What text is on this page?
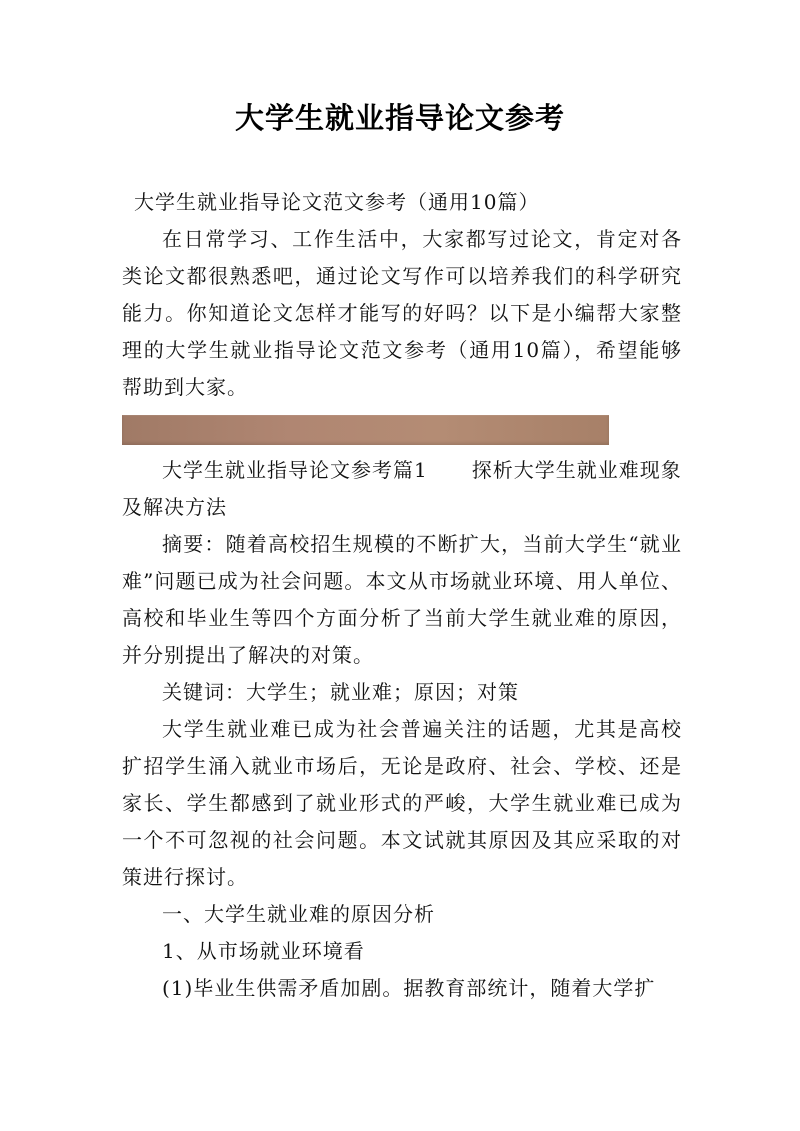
大学生就业指导论文参考

大学生就业指导论文范文参考（通用10篇）

在日常学习、工作生活中，大家都写过论文，肯定对各类论文都很熟悉吧，通过论文写作可以培养我们的科学研究能力。你知道论文怎样才能写的好吗？以下是小编帮大家整理的大学生就业指导论文范文参考（通用10篇），希望能够帮助到大家。

大学生就业指导论文参考篇1 探析大学生就业难现象及解决方法

摘要：随着高校招生规模的不断扩大，当前大学生“就业难”问题已成为社会问题。本文从市场就业环境、用人单位、高校和毕业生等四个方面分析了当前大学生就业难的原因，并分别提出了解决的对策。

关键词：大学生；就业难；原因；对策

大学生就业难已成为社会普遍关注的话题，尤其是高校扩招学生涌入就业市场后，无论是政府、社会、学校、还是家长、学生都感到了就业形式的严峻，大学生就业难已成为一个不可忽视的社会问题。本文试就其原因及其应采取的对策进行探讨。

一、大学生就业难的原因分析

1、从市场就业环境看

(1)毕业生供需矛盾加剧。据教育部统计，随着大学扩
